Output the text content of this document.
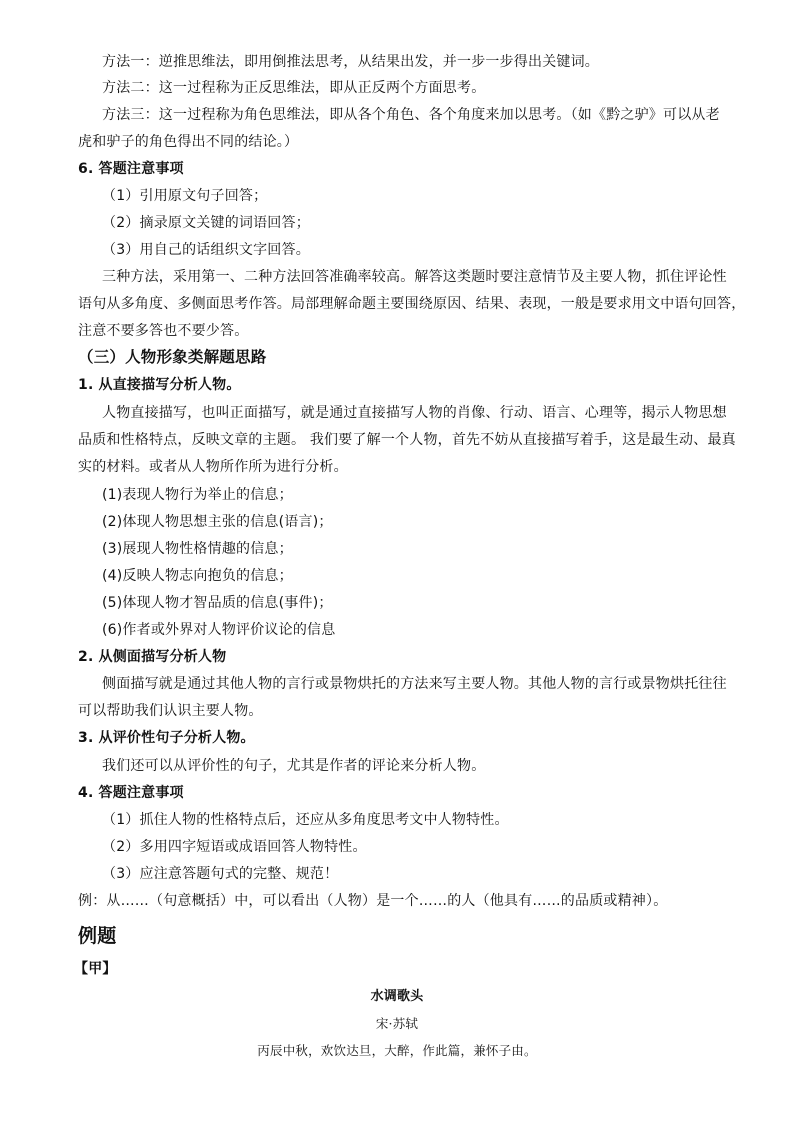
方法一：逆推思维法，即用倒推法思考，从结果出发，并一步一步得出关键词。
方法二：这一过程称为正反思维法，即从正反两个方面思考。
方法三：这一过程称为角色思维法，即从各个角色、各个角度来加以思考。（如《黔之驴》可以从老
虎和驴子的角色得出不同的结论。）
6. 答题注意事项
（1）引用原文句子回答；
（2）摘录原文关键的词语回答；
（3）用自己的话组织文字回答。
三种方法，采用第一、二种方法回答准确率较高。解答这类题时要注意情节及主要人物，抓住评论性
语句从多角度、多侧面思考作答。局部理解命题主要围绕原因、结果、表现，一般是要求用文中语句回答，
注意不要多答也不要少答。
（三）人物形象类解题思路
1. 从直接描写分析人物。
人物直接描写，也叫正面描写，就是通过直接描写人物的肖像、行动、语言、心理等，揭示人物思想
品质和性格特点，反映文章的主题。 我们要了解一个人物，首先不妨从直接描写着手，这是最生动、最真
实的材料。或者从人物所作所为进行分析。
(1)表现人物行为举止的信息；
(2)体现人物思想主张的信息(语言)；
(3)展现人物性格情趣的信息；
(4)反映人物志向抱负的信息；
(5)体现人物才智品质的信息(事件)；
(6)作者或外界对人物评价议论的信息
2. 从侧面描写分析人物
侧面描写就是通过其他人物的言行或景物烘托的方法来写主要人物。其他人物的言行或景物烘托往往
可以帮助我们认识主要人物。
3. 从评价性句子分析人物。
我们还可以从评价性的句子，尤其是作者的评论来分析人物。
4. 答题注意事项
（1）抓住人物的性格特点后，还应从多角度思考文中人物特性。
（2）多用四字短语或成语回答人物特性。
（3）应注意答题句式的完整、规范！
例：从……（句意概括）中，可以看出（人物）是一个……的人（他具有……的品质或精神）。
例题
【甲】
水调歌头
宋·苏轼
丙辰中秋，欢饮达旦，大醉，作此篇，兼怀子由。
